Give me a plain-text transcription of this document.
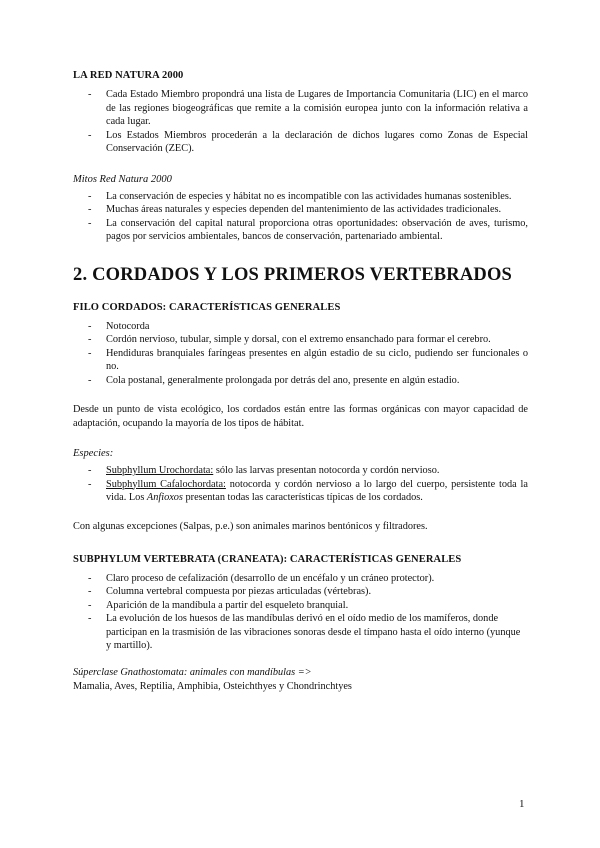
LA RED NATURA 2000

- Cada Estado Miembro propondrá una lista de Lugares de Importancia Comunitaria (LIC) en el marco de las regiones biogeográficas que remite a la comisión europea junto con la información relativa a cada lugar.
- Los Estados Miembros procederán a la declaración de dichos lugares como Zonas de Especial Conservación (ZEC).

Mitos Red Natura 2000

- La conservación de especies y hábitat no es incompatible con las actividades humanas sostenibles.
- Muchas áreas naturales y especies dependen del mantenimiento de las actividades tradicionales.
- La conservación del capital natural proporciona otras oportunidades: observación de aves, turismo, pagos por servicios ambientales, bancos de conservación, partenariado ambiental.

2. CORDADOS Y LOS PRIMEROS VERTEBRADOS

FILO CORDADOS: CARACTERÍSTICAS GENERALES

- Notocorda
- Cordón nervioso, tubular, simple y dorsal, con el extremo ensanchado para formar el cerebro.
- Hendiduras branquiales faríngeas presentes en algún estadio de su ciclo, pudiendo ser funcionales o no.
- Cola postanal, generalmente prolongada por detrás del ano, presente en algún estadio.

Desde un punto de vista ecológico, los cordados están entre las formas orgánicas con mayor capacidad de adaptación, ocupando la mayoría de los tipos de hábitat.

Especies:

- Subphyllum Urochordata: sólo las larvas presentan notocorda y cordón nervioso.
- Subphyllum Cafalochordata: notocorda y cordón nervioso a lo largo del cuerpo, persistente toda la vida. Los Anfioxos presentan todas las características típicas de los cordados.

Con algunas excepciones (Salpas, p.e.) son animales marinos bentónicos y filtradores.

SUBPHYLUM VERTEBRATA (CRANEATA): CARACTERÍSTICAS GENERALES

- Claro proceso de cefalización (desarrollo de un encéfalo y un cráneo protector).
- Columna vertebral compuesta por piezas articuladas (vértebras).
- Aparición de la mandíbula a partir del esqueleto branquial.
- La evolución de los huesos de las mandíbulas derivó en el oído medio de los mamíferos, donde participan en la trasmisión de las vibraciones sonoras desde el tímpano hasta el oído interno (yunque y martillo).

Súperclase Gnathostomata: animales con mandíbulas =>

Mamalia, Aves, Reptilia, Amphibia, Osteichthyes y Chondrinchtyes

1
